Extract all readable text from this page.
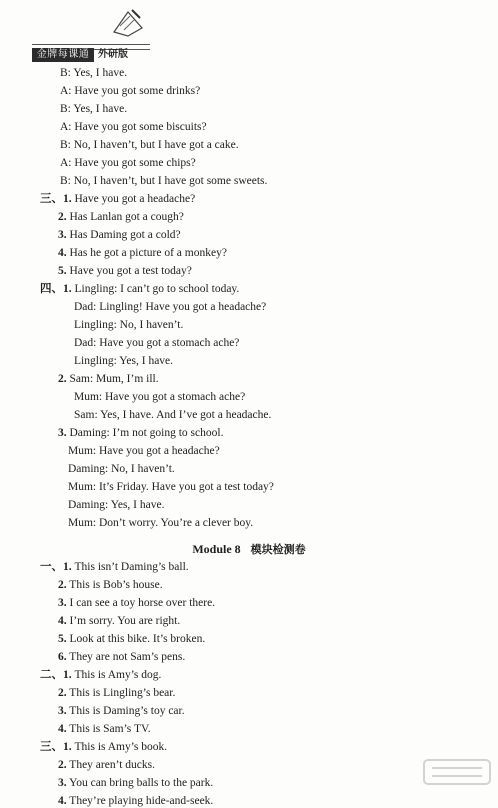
金牌每课通 外研版
B: Yes, I have.
A: Have you got some drinks?
B: Yes, I have.
A: Have you got some biscuits?
B: No, I haven’t, but I have got a cake.
A: Have you got some chips?
B: No, I haven’t, but I have got some sweets.
三、1. Have you got a headache?
2. Has Lanlan got a cough?
3. Has Daming got a cold?
4. Has he got a picture of a monkey?
5. Have you got a test today?
四、1. Lingling: I can’t go to school today.
Dad: Lingling! Have you got a headache?
Lingling: No, I haven’t.
Dad: Have you got a stomach ache?
Lingling: Yes, I have.
2. Sam: Mum, I’m ill.
Mum: Have you got a stomach ache?
Sam: Yes, I have. And I’ve got a headache.
3. Daming: I’m not going to school.
Mum: Have you got a headache?
Daming: No, I haven’t.
Mum: It’s Friday. Have you got a test today?
Daming: Yes, I have.
Mum: Don’t worry. You’re a clever boy.
一、1. This isn’t Daming’s ball.
2. This is Bob’s house.
3. I can see a toy horse over there.
4. I’m sorry. You are right.
5. Look at this bike. It’s broken.
6. They are not Sam’s pens.
二、1. This is Amy’s dog.
2. This is Lingling’s bear.
3. This is Daming’s toy car.
4. This is Sam’s TV.
三、1. This is Amy’s book.
2. They aren’t ducks.
3. You can bring balls to the park.
4. They’re playing hide-and-seek.
Module 8 模块检测卷
